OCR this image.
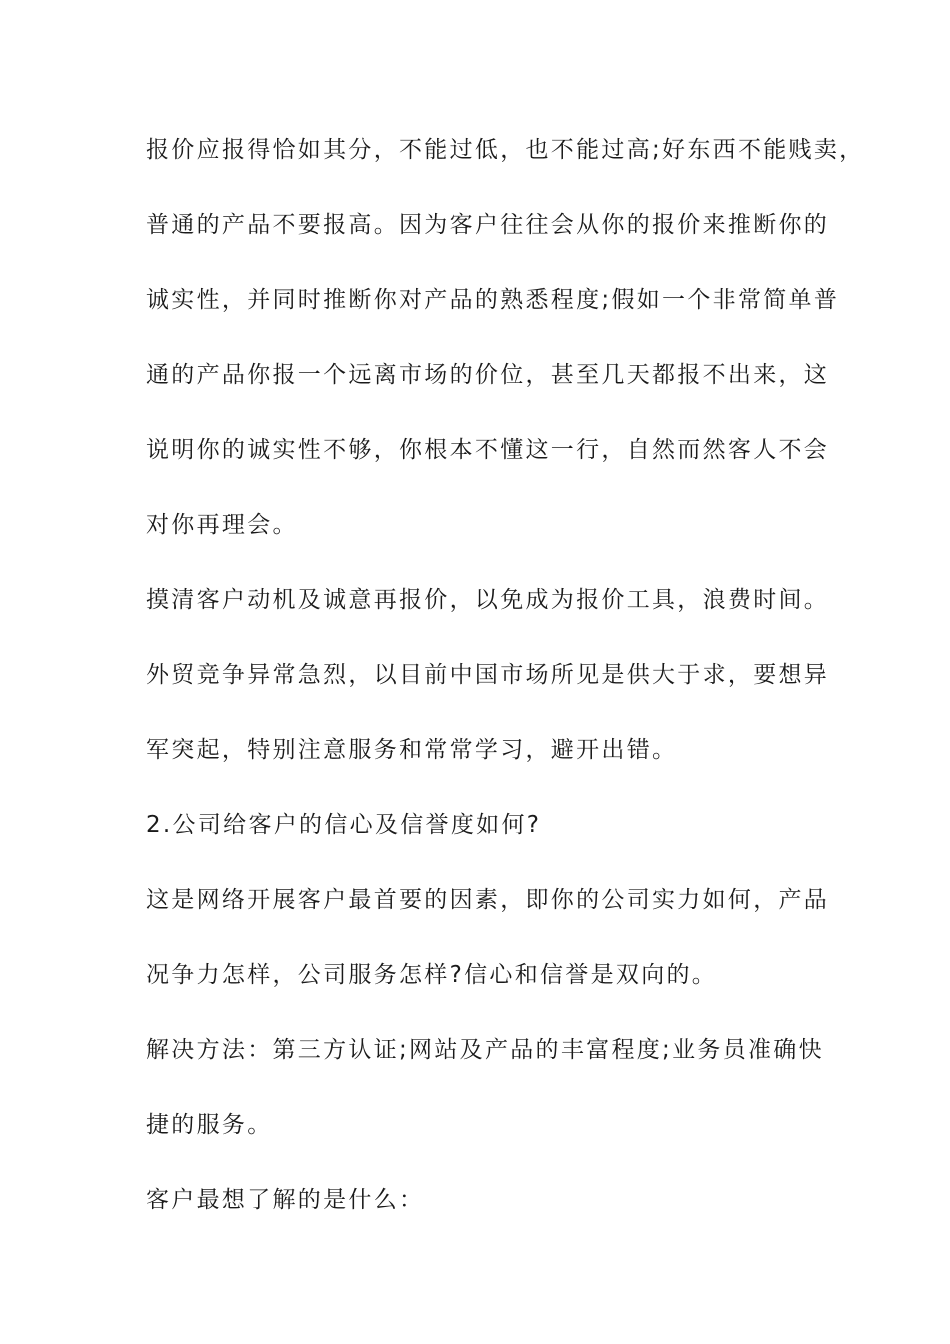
报价应报得恰如其分，不能过低，也不能过高;好东西不能贱卖，
普通的产品不要报高。因为客户往往会从你的报价来推断你的
诚实性，并同时推断你对产品的熟悉程度;假如一个非常简单普
通的产品你报一个远离市场的价位，甚至几天都报不出来，这
说明你的诚实性不够，你根本不懂这一行，自然而然客人不会
对你再理会。
摸清客户动机及诚意再报价，以免成为报价工具，浪费时间。
外贸竞争异常急烈，以目前中国市场所见是供大于求，要想异
军突起，特别注意服务和常常学习，避开出错。
2.公司给客户的信心及信誉度如何?
这是网络开展客户最首要的因素，即你的公司实力如何，产品
况争力怎样，公司服务怎样?信心和信誉是双向的。
解决方法：第三方认证;网站及产品的丰富程度;业务员准确快
捷的服务。
客户最想了解的是什么：
